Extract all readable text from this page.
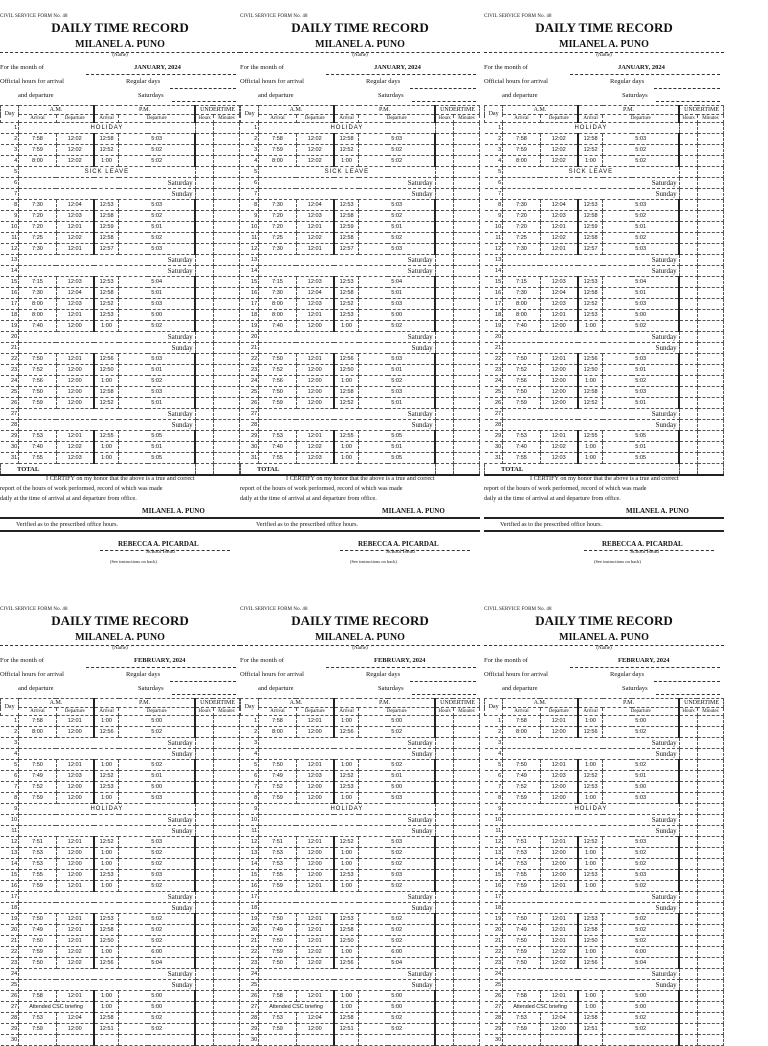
CIVIL SERVICE FORM No. 48
DAILY TIME RECORD
MILANEL A. PUNO
(Name)
For the month of	JANUARY, 2024
Official hours for arrival	Regular days
and departure	Saturdays
Day	A.M.		P.M.		UNDERTIME	
	Arrival	Departure	Arrival	Departure	Hours	Minutes
1	HOLIDAY					
2	7:58	12:02	12:58	5:03		
3	7:59	12:02	12:52	5:02		
4	8:00	12:02	1:00	5:02		
5	SICK LEAVE					
6	Saturday					
7	Sunday					
8	7:30	12:04	12:53	5:03		
9	7:20	12:03	12:58	5:02		
10	7:20	12:01	12:59	5:01		
11	7:25	12:02	12:58	5:02		
12	7:30	12:01	12:57	5:03		
13	Saturday					
14	Saturday					
15	7:15	12:03	12:53	5:04		
16	7:30	12:04	12:58	5:01		
17	8:00	12:03	12:52	5:03		
18	8:00	12:01	12:53	5:00		
19	7:40	12:00	1:00	5:02		
20	Saturday					
21	Sunday					
22	7:50	12:01	12:56	5:03		
23	7:52	12:00	12:50	5:01		
24	7:56	12:00	1:00	5:02		
25	7:50	12:00	12:58	5:03		
26	7:59	12:00	12:52	5:01		
27	Saturday					
28	Sunday					
29	7:53	12:01	12:55	5:05		
30	7:40	12:02	1:00	5:01		
31	7:55	12:03	1:00	5:05		
TOTAL						
I CERTIFY on my honor that the above is a true and correct
report of the hours of work performed, record of which was made
daily at the time of arrival at and departure from office.
MILANEL A. PUNO
Verified as to the prescribed office hours.
REBECCA A. PICARDAL
School Head
(See instructions on back)
CIVIL SERVICE FORM No. 48
DAILY TIME RECORD
MILANEL A. PUNO
(Name)
For the month of	JANUARY, 2024
Official hours for arrival	Regular days
and departure	Saturdays
Day	A.M.		P.M.		UNDERTIME	
	Arrival	Departure	Arrival	Departure	Hours	Minutes
1	HOLIDAY					
2	7:58	12:02	12:58	5:03		
3	7:59	12:02	12:52	5:02		
4	8:00	12:02	1:00	5:02		
5	SICK LEAVE					
6	Saturday					
7	Sunday					
8	7:30	12:04	12:53	5:03		
9	7:20	12:03	12:58	5:02		
10	7:20	12:01	12:59	5:01		
11	7:25	12:02	12:58	5:02		
12	7:30	12:01	12:57	5:03		
13	Saturday					
14	Saturday					
15	7:15	12:03	12:53	5:04		
16	7:30	12:04	12:58	5:01		
17	8:00	12:03	12:52	5:03		
18	8:00	12:01	12:53	5:00		
19	7:40	12:00	1:00	5:02		
20	Saturday					
21	Sunday					
22	7:50	12:01	12:56	5:03		
23	7:52	12:00	12:50	5:01		
24	7:56	12:00	1:00	5:02		
25	7:50	12:00	12:58	5:03		
26	7:59	12:00	12:52	5:01		
27	Saturday					
28	Sunday					
29	7:53	12:01	12:55	5:05		
30	7:40	12:02	1:00	5:01		
31	7:55	12:03	1:00	5:05		
TOTAL						
I CERTIFY on my honor that the above is a true and correct
report of the hours of work performed, record of which was made
daily at the time of arrival at and departure from office.
MILANEL A. PUNO
Verified as to the prescribed office hours.
REBECCA A. PICARDAL
School Head
(See instructions on back)
CIVIL SERVICE FORM No. 48
DAILY TIME RECORD
MILANEL A. PUNO
(Name)
For the month of	JANUARY, 2024
Official hours for arrival	Regular days
and departure	Saturdays
Day	A.M.		P.M.		UNDERTIME	
	Arrival	Departure	Arrival	Departure	Hours	Minutes
1	HOLIDAY					
2	7:58	12:02	12:58	5:03		
3	7:59	12:02	12:52	5:02		
4	8:00	12:02	1:00	5:02		
5	SICK LEAVE					
6	Saturday					
7	Sunday					
8	7:30	12:04	12:53	5:03		
9	7:20	12:03	12:58	5:02		
10	7:20	12:01	12:59	5:01		
11	7:25	12:02	12:58	5:02		
12	7:30	12:01	12:57	5:03		
13	Saturday					
14	Saturday					
15	7:15	12:03	12:53	5:04		
16	7:30	12:04	12:58	5:01		
17	8:00	12:03	12:52	5:03		
18	8:00	12:01	12:53	5:00		
19	7:40	12:00	1:00	5:02		
20	Saturday					
21	Sunday					
22	7:50	12:01	12:56	5:03		
23	7:52	12:00	12:50	5:01		
24	7:56	12:00	1:00	5:02		
25	7:50	12:00	12:58	5:03		
26	7:59	12:00	12:52	5:01		
27	Saturday					
28	Sunday					
29	7:53	12:01	12:55	5:05		
30	7:40	12:02	1:00	5:01		
31	7:55	12:03	1:00	5:05		
TOTAL						
I CERTIFY on my honor that the above is a true and correct
report of the hours of work performed, record of which was made
daily at the time of arrival at and departure from office.
MILANEL A. PUNO
Verified as to the prescribed office hours.
REBECCA A. PICARDAL
School Head
(See instructions on back)
CIVIL SERVICE FORM No. 48
DAILY TIME RECORD
MILANEL A. PUNO
(Name)
For the month of	FEBRUARY, 2024
Official hours for arrival	Regular days
and departure	Saturdays
Day	A.M.		P.M.		UNDERTIME	
	Arrival	Departure	Arrival	Departure	Hours	Minutes
1	7:58	12:01	1:00	5:00		
2	8:00	12:00	12:56	5:02		
3	Saturday					
4	Sunday					
5	7:50	12:01	1:00	5:02		
6	7:49	12:03	12:52	5:01		
7	7:52	12:00	12:53	5:00		
8	7:59	12:00	1:00	5:03		
9	HOLIDAY					
10	Saturday					
11	Sunday					
12	7:51	12:01	12:52	5:03		
13	7:53	12:00	1:00	5:02		
14	7:53	12:00	1:00	5:02		
15	7:55	12:00	12:53	5:03		
16	7:59	12:01	1:00	5:02		
17	Saturday					
18	Sunday					
19	7:50	12:01	12:53	5:02		
20	7:49	12:01	12:58	5:02		
21	7:50	12:01	12:50	5:02		
22	7:59	12:02	1:00	6:00		
23	7:50	12:02	12:56	5:04		
24	Saturday					
25	Sunday					
26	7:58	12:01	1:00	5:00		
27	Attended CSC briefing		1:00	5:00		
28	7:53	12:04	12:58	5:02		
29	7:59	12:00	12:51	5:02		
30						
CIVIL SERVICE FORM No. 48
DAILY TIME RECORD
MILANEL A. PUNO
(Name)
For the month of	FEBRUARY, 2024
Official hours for arrival	Regular days
and departure	Saturdays
Day	A.M.		P.M.		UNDERTIME	
	Arrival	Departure	Arrival	Departure	Hours	Minutes
1	7:58	12:01	1:00	5:00		
2	8:00	12:00	12:56	5:02		
3	Saturday					
4	Sunday					
5	7:50	12:01	1:00	5:02		
6	7:49	12:03	12:52	5:01		
7	7:52	12:00	12:53	5:00		
8	7:59	12:00	1:00	5:03		
9	HOLIDAY					
10	Saturday					
11	Sunday					
12	7:51	12:01	12:52	5:03		
13	7:53	12:00	1:00	5:02		
14	7:53	12:00	1:00	5:02		
15	7:55	12:00	12:53	5:03		
16	7:59	12:01	1:00	5:02		
17	Saturday					
18	Sunday					
19	7:50	12:01	12:53	5:02		
20	7:49	12:01	12:58	5:02		
21	7:50	12:01	12:50	5:02		
22	7:59	12:02	1:00	6:00		
23	7:50	12:02	12:56	5:04		
24	Saturday					
25	Sunday					
26	7:58	12:01	1:00	5:00		
27	Attended CSC briefing		1:00	5:00		
28	7:53	12:04	12:58	5:02		
29	7:59	12:00	12:51	5:02		
30						
CIVIL SERVICE FORM No. 48
DAILY TIME RECORD
MILANEL A. PUNO
(Name)
For the month of	FEBRUARY, 2024
Official hours for arrival	Regular days
and departure	Saturdays
Day	A.M.		P.M.		UNDERTIME	
	Arrival	Departure	Arrival	Departure	Hours	Minutes
1	7:58	12:01	1:00	5:00		
2	8:00	12:00	12:56	5:02		
3	Saturday					
4	Sunday					
5	7:50	12:01	1:00	5:02		
6	7:49	12:03	12:52	5:01		
7	7:52	12:00	12:53	5:00		
8	7:59	12:00	1:00	5:03		
9	HOLIDAY					
10	Saturday					
11	Sunday					
12	7:51	12:01	12:52	5:03		
13	7:53	12:00	1:00	5:02		
14	7:53	12:00	1:00	5:02		
15	7:55	12:00	12:53	5:03		
16	7:59	12:01	1:00	5:02		
17	Saturday					
18	Sunday					
19	7:50	12:01	12:53	5:02		
20	7:49	12:01	12:58	5:02		
21	7:50	12:01	12:50	5:02		
22	7:59	12:02	1:00	6:00		
23	7:50	12:02	12:56	5:04		
24	Saturday					
25	Sunday					
26	7:58	12:01	1:00	5:00		
27	Attended CSC briefing		1:00	5:00		
28	7:53	12:04	12:58	5:02		
29	7:59	12:00	12:51	5:02		
30						
